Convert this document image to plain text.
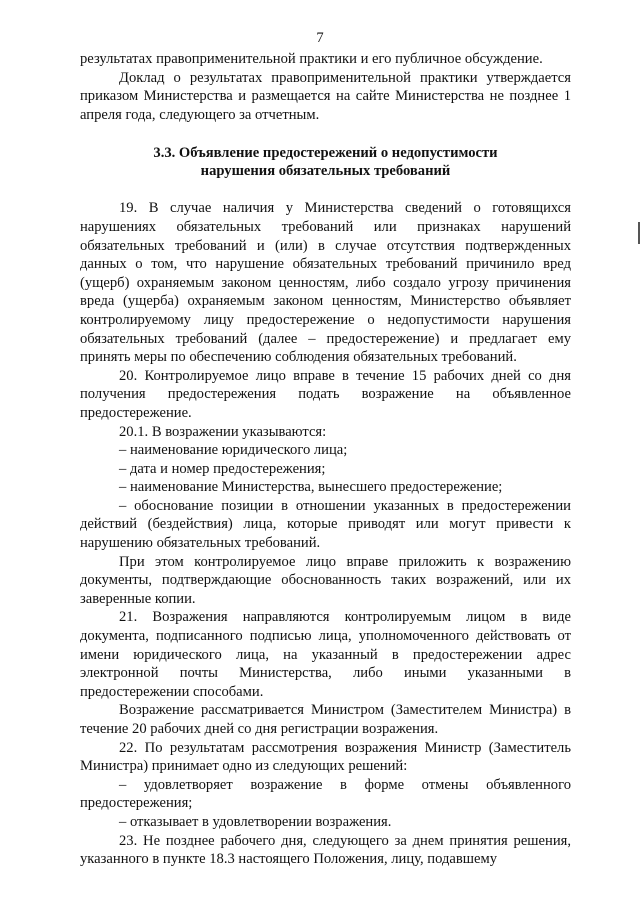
7

результатах правоприменительной практики и его публичное обсуждение.

Доклад о результатах правоприменительной практики утверждается приказом Министерства и размещается на сайте Министерства не позднее 1 апреля года, следующего за отчетным.

3.3. Объявление предостережений о недопустимости
нарушения обязательных требований

19. В случае наличия у Министерства сведений о готовящихся нарушениях обязательных требований или признаках нарушений обязательных требований и (или) в случае отсутствия подтвержденных данных о том, что нарушение обязательных требований причинило вред (ущерб) охраняемым законом ценностям, либо создало угрозу причинения вреда (ущерба) охраняемым законом ценностям, Министерство объявляет контролируемому лицу предостережение о недопустимости нарушения обязательных требований (далее – предостережение) и предлагает ему принять меры по обеспечению соблюдения обязательных требований.

20. Контролируемое лицо вправе в течение 15 рабочих дней со дня получения предостережения подать возражение на объявленное предостережение.

20.1. В возражении указываются:

– наименование юридического лица;

– дата и номер предостережения;

– наименование Министерства, вынесшего предостережение;

– обоснование позиции в отношении указанных в предостережении действий (бездействия) лица, которые приводят или могут привести к нарушению обязательных требований.

При этом контролируемое лицо вправе приложить к возражению документы, подтверждающие обоснованность таких возражений, или их заверенные копии.

21. Возражения направляются контролируемым лицом в виде документа, подписанного подписью лица, уполномоченного действовать от имени юридического лица, на указанный в предостережении адрес электронной почты Министерства, либо иными указанными в предостережении способами.

Возражение рассматривается Министром (Заместителем Министра) в течение 20 рабочих дней со дня регистрации возражения.

22. По результатам рассмотрения возражения Министр (Заместитель Министра) принимает одно из следующих решений:

– удовлетворяет возражение в форме отмены объявленного предостережения;

– отказывает в удовлетворении возражения.

23. Не позднее рабочего дня, следующего за днем принятия решения, указанного в пункте 18.3 настоящего Положения, лицу, подавшему
